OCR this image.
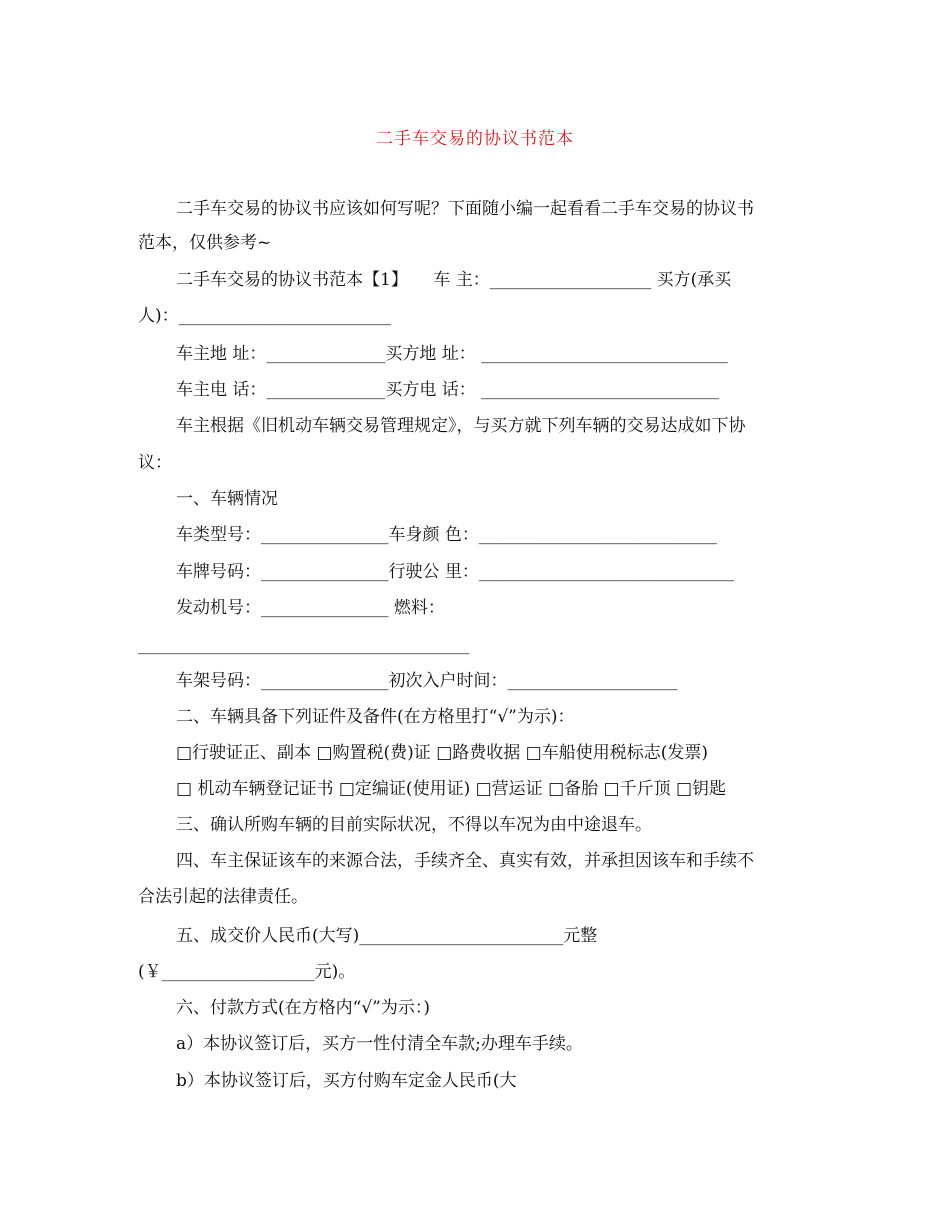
二手车交易的协议书范本
二手车交易的协议书应该如何写呢？下面随小编一起看看二手车交易的协议书
范本，仅供参考~
二手车交易的协议书范本【1】　　车 主：___________________ 买方(承买
人)：_________________________
车主地 址：______________买方地 址： _____________________________
车主电 话：______________买方电 话： ____________________________
车主根据《旧机动车辆交易管理规定》，与买方就下列车辆的交易达成如下协
议：
一、车辆情况
车类型号：_______________车身颜 色：____________________________
车牌号码：_______________行驶公 里：______________________________
发动机号：_______________ 燃料：
_______________________________________
车架号码：_______________初次入户时间：____________________
二、车辆具备下列证件及备件(在方格里打“√”为示)：
□行驶证正、副本 □购置税(费)证 □路费收据 □车船使用税标志(发票)
□ 机动车辆登记证书 □定编证(使用证) □营运证 □备胎 □千斤顶 □钥匙
三、确认所购车辆的目前实际状况，不得以车况为由中途退车。
四、车主保证该车的来源合法，手续齐全、真实有效，并承担因该车和手续不
合法引起的法律责任。
五、成交价人民币(大写)________________________元整
(￥__________________元)。
六、付款方式(在方格内“√”为示：)
a）本协议签订后，买方一性付清全车款;办理车手续。
b）本协议签订后，买方付购车定金人民币(大
